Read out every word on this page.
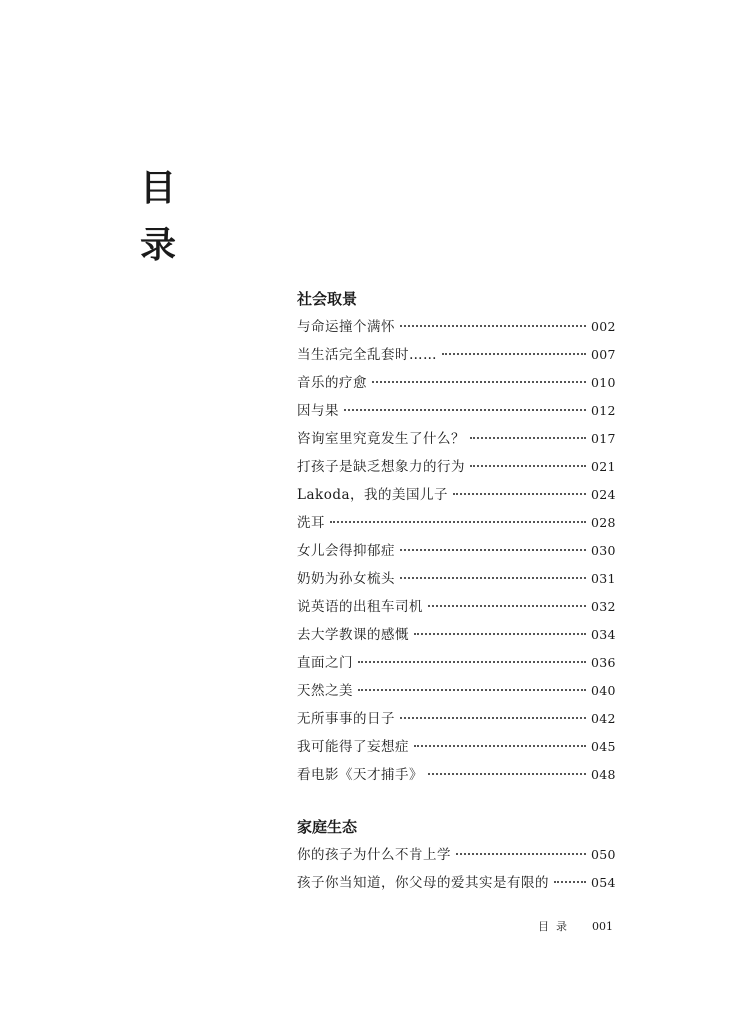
目
录
社会取景
与命运撞个满怀	002
当生活完全乱套时……	007
音乐的疗愈	010
因与果	012
咨询室里究竟发生了什么？	017
打孩子是缺乏想象力的行为	021
Lakoda，我的美国儿子	024
洗耳	028
女儿会得抑郁症	030
奶奶为孙女梳头	031
说英语的出租车司机	032
去大学教课的感慨	034
直面之门	036
天然之美	040
无所事事的日子	042
我可能得了妄想症	045
看电影《天才捕手》	048
家庭生态
你的孩子为什么不肯上学	050
孩子你当知道，你父母的爱其实是有限的	054
目录 001
